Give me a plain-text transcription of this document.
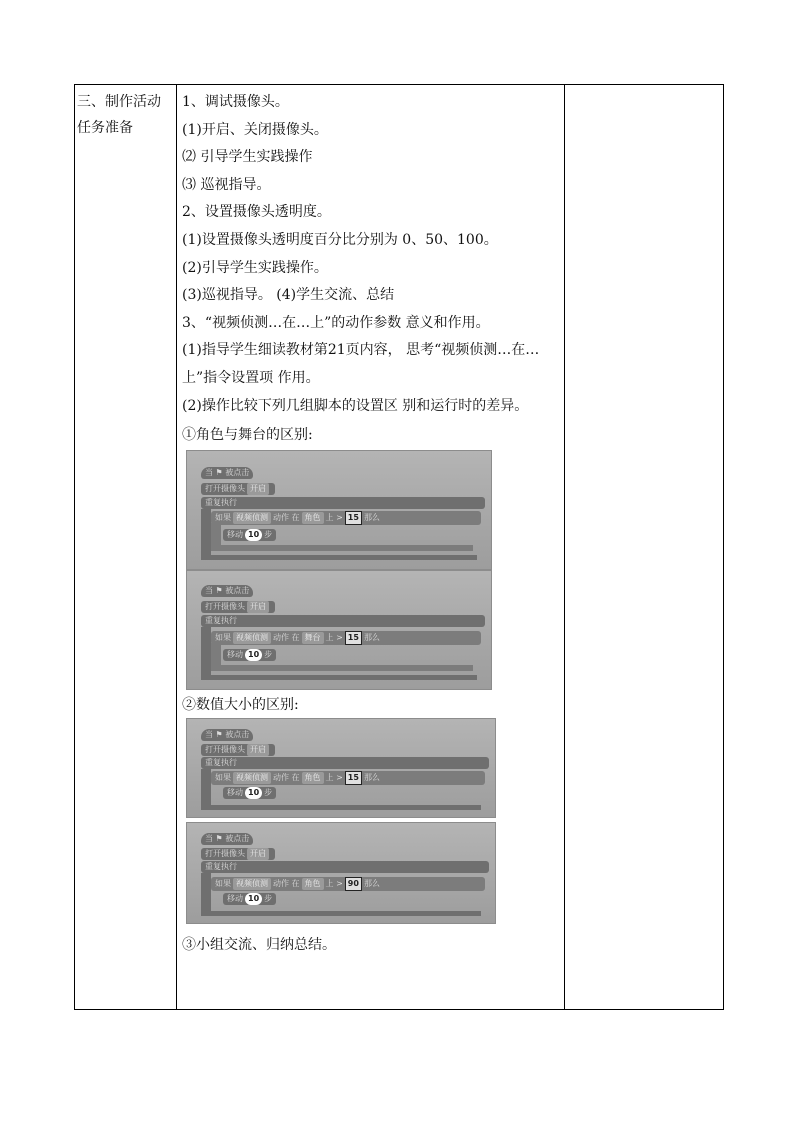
三、制作活动
任务准备
1、调试摄像头。
(1)开启、关闭摄像头。
⑵ 引导学生实践操作
⑶ 巡视指导。
2、设置摄像头透明度。
(1)设置摄像头透明度百分比分别为 0、50、100。
(2)引导学生实践操作。
(3)巡视指导。 (4)学生交流、总结
3、“视频侦测…在…上”的动作参数 意义和作用。
(1)指导学生细读教材第21页内容， 思考“视频侦测…在…上”指令设置项 作用。
(2)操作比较下列几组脚本的设置区 别和运行时的差异。
①角色与舞台的区别:
当 ⚑ 被点击
打开摄像头 开启
重复执行
如果 视频侦测 动作 在 角色 上 > 15 那么
移动 10 步
当 ⚑ 被点击
打开摄像头 开启
重复执行
如果 视频侦测 动作 在 舞台 上 > 15 那么
移动 10 步
②数值大小的区别:
当 ⚑ 被点击
打开摄像头 开启
重复执行
如果 视频侦测 动作 在 角色 上 > 15 那么
移动 10 步
当 ⚑ 被点击
打开摄像头 开启
重复执行
如果 视频侦测 动作 在 角色 上 > 90 那么
移动 10 步
③小组交流、归纳总结。
